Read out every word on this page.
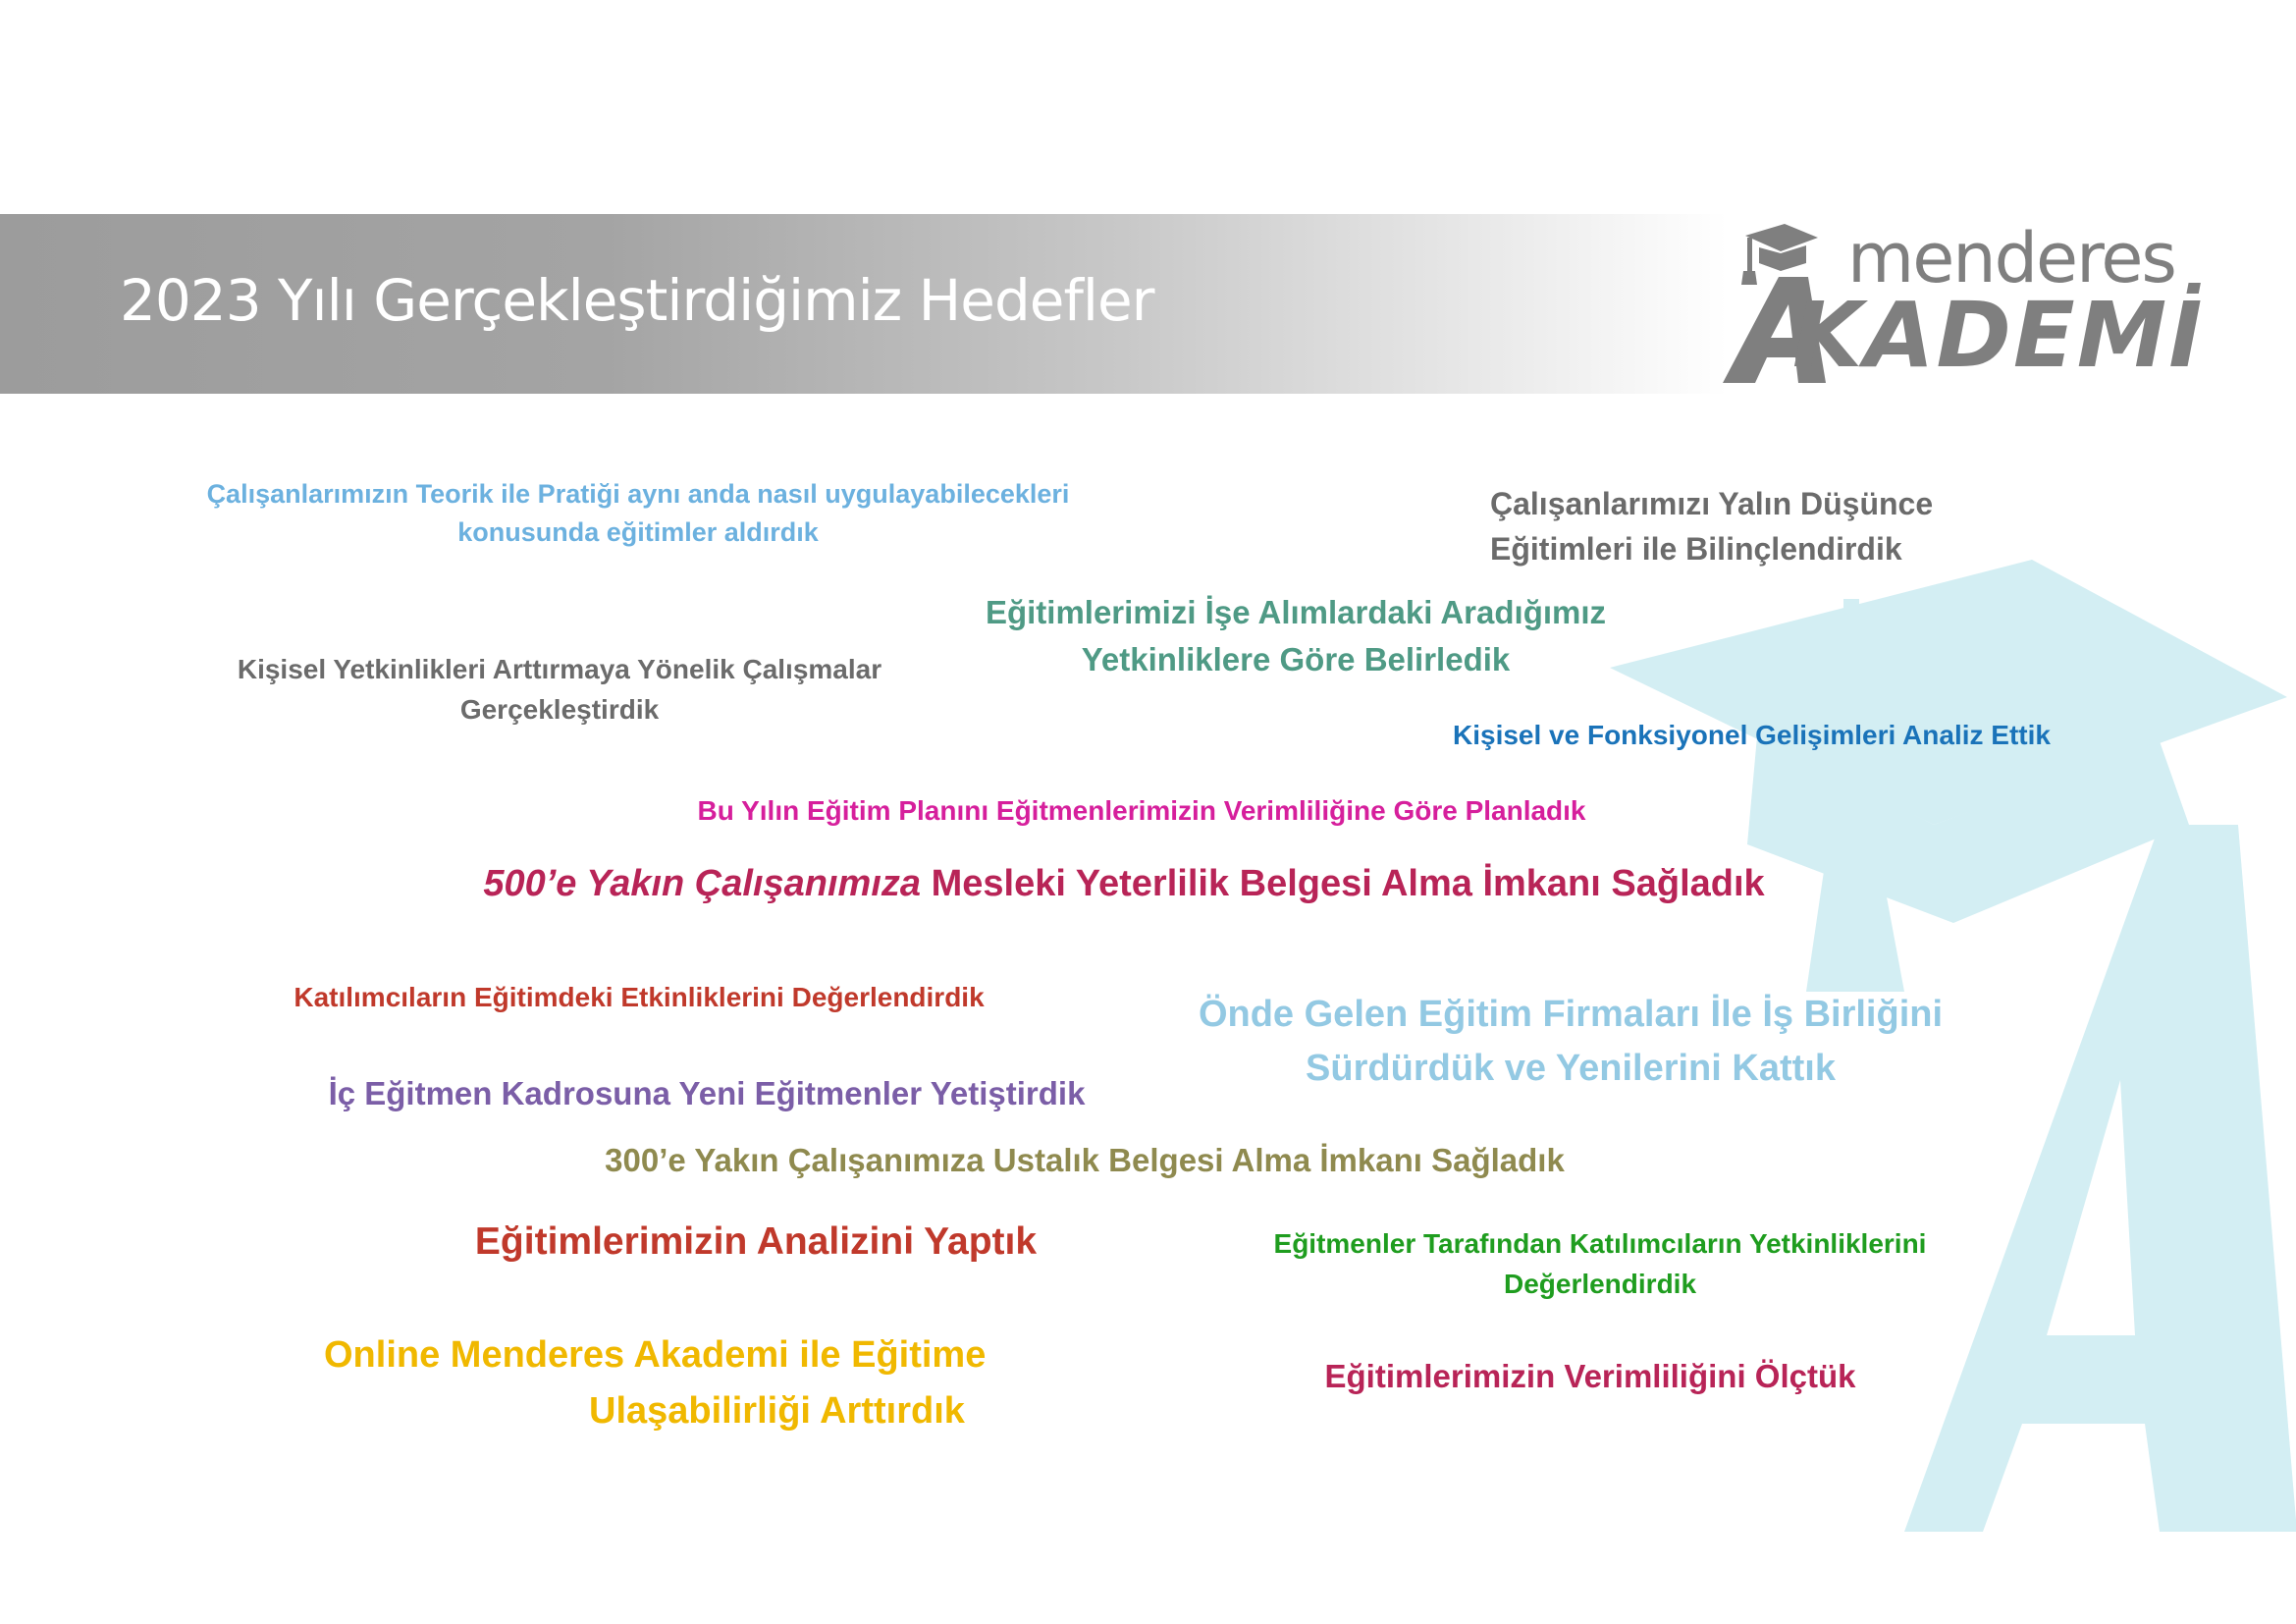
2023 Yılı Gerçekleştirdiğimiz Hedefler
menderes
KADEMİ

Çalışanlarımızın Teorik ile Pratiği aynı anda nasıl uygulayabilecekleri
konusunda eğitimler aldırdık

Çalışanlarımızı Yalın Düşünce
Eğitimleri ile Bilinçlendirdik

Eğitimlerimizi İşe Alımlardaki Aradığımız
Yetkinliklere Göre Belirledik

Kişisel Yetkinlikleri Arttırmaya Yönelik Çalışmalar
Gerçekleştirdik

Kişisel ve Fonksiyonel Gelişimleri Analiz Ettik

Bu Yılın Eğitim Planını Eğitmenlerimizin Verimliliğine Göre Planladık

500’e Yakın Çalışanımıza Mesleki Yeterlilik Belgesi Alma İmkanı Sağladık

Katılımcıların Eğitimdeki Etkinliklerini Değerlendirdik	Önde Gelen Eğitim Firmaları İle İş Birliğini
Sürdürdük ve Yenilerini Kattık

İç Eğitmen Kadrosuna Yeni Eğitmenler Yetiştirdik

300’e Yakın Çalışanımıza Ustalık Belgesi Alma İmkanı Sağladık

Eğitimlerimizin Analizini Yaptık	Eğitmenler Tarafından Katılımcıların Yetkinliklerini
Değerlendirdik

Online Menderes Akademi ile Eğitime
Ulaşabilirliği Arttırdık

Eğitimlerimizin Verimliliğini Ölçtük
